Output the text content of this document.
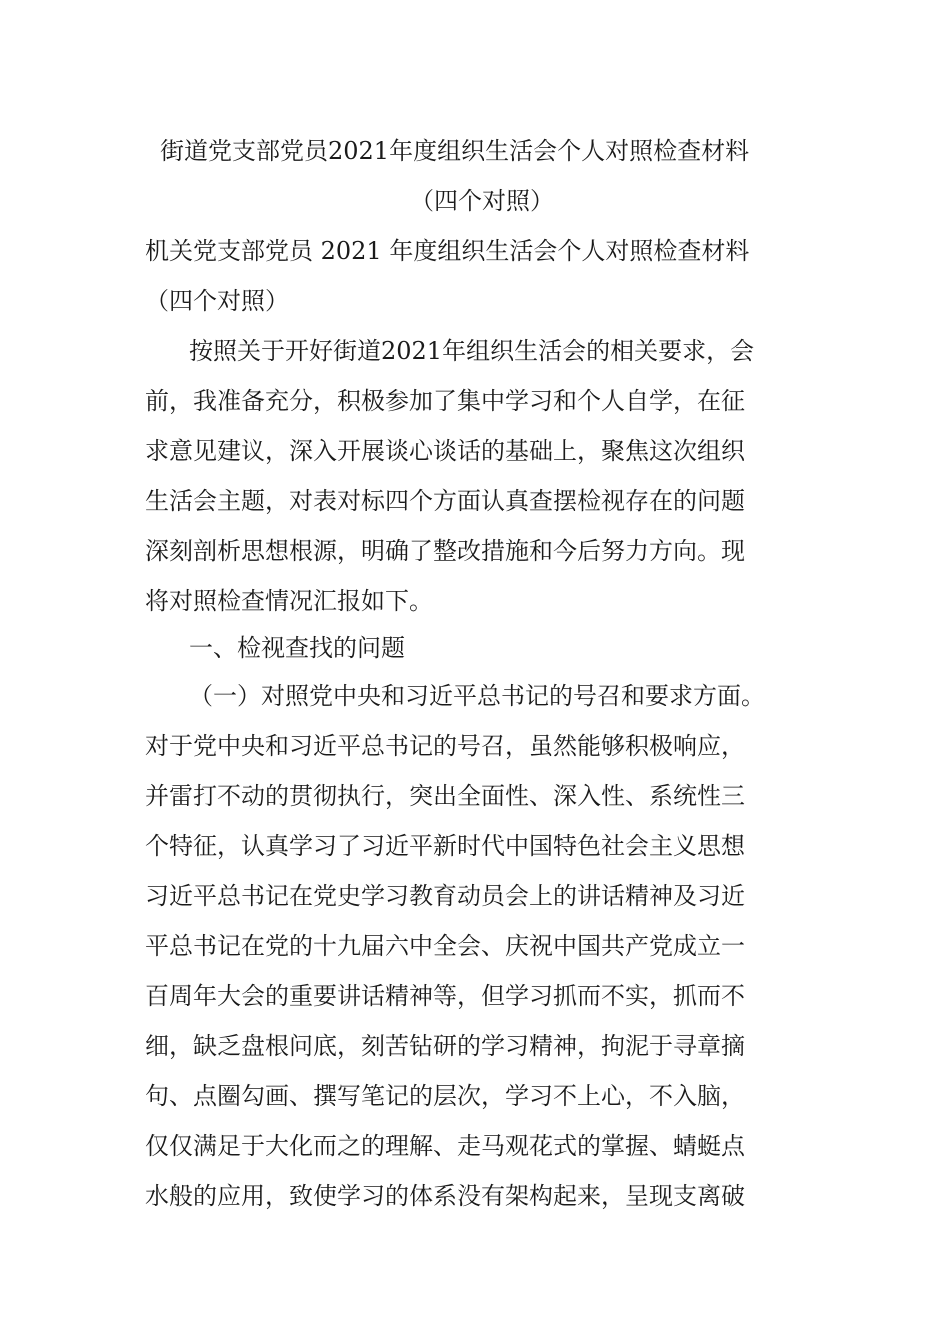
街道党支部党员2021年度组织生活会个人对照检查材料
（四个对照）
机关党支部党员 2021 年度组织生活会个人对照检查材料
（四个对照）
按照关于开好街道2021年组织生活会的相关要求，会
前，我准备充分，积极参加了集中学习和个人自学，在征
求意见建议，深入开展谈心谈话的基础上，聚焦这次组织
生活会主题，对表对标四个方面认真查摆检视存在的问题
深刻剖析思想根源，明确了整改措施和今后努力方向。现
将对照检查情况汇报如下。
一、检视查找的问题
（一）对照党中央和习近平总书记的号召和要求方面。
对于党中央和习近平总书记的号召，虽然能够积极响应，
并雷打不动的贯彻执行，突出全面性、深入性、系统性三
个特征，认真学习了习近平新时代中国特色社会主义思想
习近平总书记在党史学习教育动员会上的讲话精神及习近
平总书记在党的十九届六中全会、庆祝中国共产党成立一
百周年大会的重要讲话精神等，但学习抓而不实，抓而不
细，缺乏盘根问底，刻苦钻研的学习精神，拘泥于寻章摘
句、点圈勾画、撰写笔记的层次，学习不上心，不入脑，
仅仅满足于大化而之的理解、走马观花式的掌握、蜻蜓点
水般的应用，致使学习的体系没有架构起来，呈现支离破
